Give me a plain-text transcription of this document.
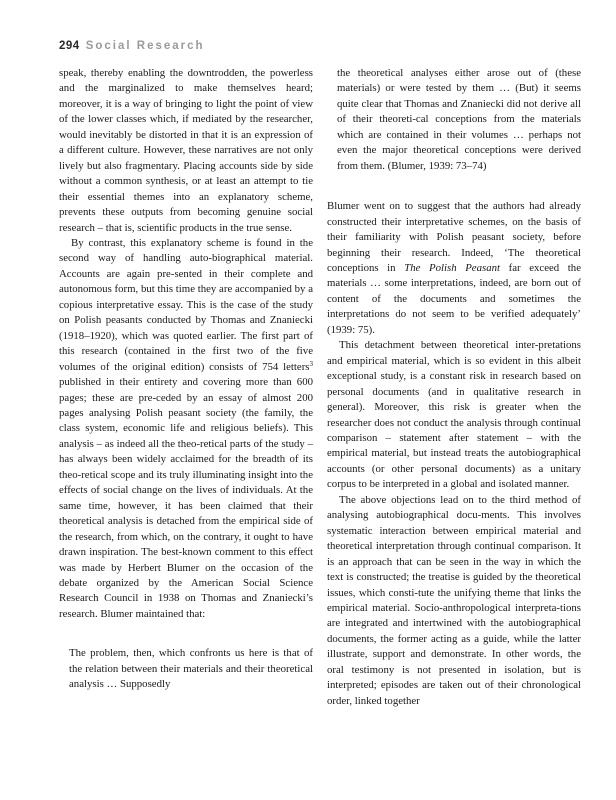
294 Social Research

speak, thereby enabling the downtrodden, the powerless and the marginalized to make themselves heard; moreover, it is a way of bringing to light the point of view of the lower classes which, if mediated by the researcher, would inevitably be distorted in that it is an expression of a different culture. However, these narratives are not only lively but also fragmentary. Placing accounts side by side without a common synthesis, or at least an attempt to tie their essential themes into an explanatory scheme, prevents these outputs from becoming genuine social research – that is, scientific products in the true sense.

By contrast, this explanatory scheme is found in the second way of handling auto-biographical material. Accounts are again pre-sented in their complete and autonomous form, but this time they are accompanied by a copious interpretative essay. This is the case of the study on Polish peasants conducted by Thomas and Znaniecki (1918–1920), which was quoted earlier. The first part of this research (contained in the first two of the five volumes of the original edition) consists of 754 letters$^3$ published in their entirety and covering more than 600 pages; these are pre-ceded by an essay of almost 200 pages analysing Polish peasant society (the family, the class system, economic life and religious beliefs). This analysis – as indeed all the theo-retical parts of the study – has always been widely acclaimed for the breadth of its theo-retical scope and its truly illuminating insight into the effects of social change on the lives of individuals. At the same time, however, it has been claimed that their theoretical analysis is detached from the empirical side of the research, from which, on the contrary, it ought to have drawn inspiration. The best-known comment to this effect was made by Herbert Blumer on the occasion of the debate organized by the American Social Science Research Council in 1938 on Thomas and Znaniecki’s research. Blumer maintained that:

The problem, then, which confronts us here is that of the relation between their materials and their theoretical analysis … Supposedly

the theoretical analyses either arose out of (these materials) or were tested by them … (But) it seems quite clear that Thomas and Znaniecki did not derive all of their theoreti-cal conceptions from the materials which are contained in their volumes … perhaps not even the major theoretical conceptions were derived from them. (Blumer, 1939: 73–74)

Blumer went on to suggest that the authors had already constructed their interpretative schemes, on the basis of their familiarity with Polish peasant society, before beginning their research. Indeed, ‘The theoretical conceptions in The Polish Peasant far exceed the materials … some interpretations, indeed, are born out of content of the documents and sometimes the interpretations do not seem to be verified adequately’ (1939: 75).

This detachment between theoretical inter-pretations and empirical material, which is so evident in this albeit exceptional study, is a constant risk in research based on personal documents (and in qualitative research in general). Moreover, this risk is greater when the researcher does not conduct the analysis through continual comparison – statement after statement – with the empirical material, but instead treats the autobiographical accounts (or other personal documents) as a unitary corpus to be interpreted in a global and isolated manner.

The above objections lead on to the third method of analysing autobiographical docu-ments. This involves systematic interaction between empirical material and theoretical interpretation through continual comparison. It is an approach that can be seen in the way in which the text is constructed; the treatise is guided by the theoretical issues, which consti-tute the unifying theme that links the empirical material. Socio-anthropological interpreta-tions are integrated and intertwined with the autobiographical documents, the former acting as a guide, while the latter illustrate, support and demonstrate. In other words, the oral testimony is not presented in isolation, but is interpreted; episodes are taken out of their chronological order, linked together
